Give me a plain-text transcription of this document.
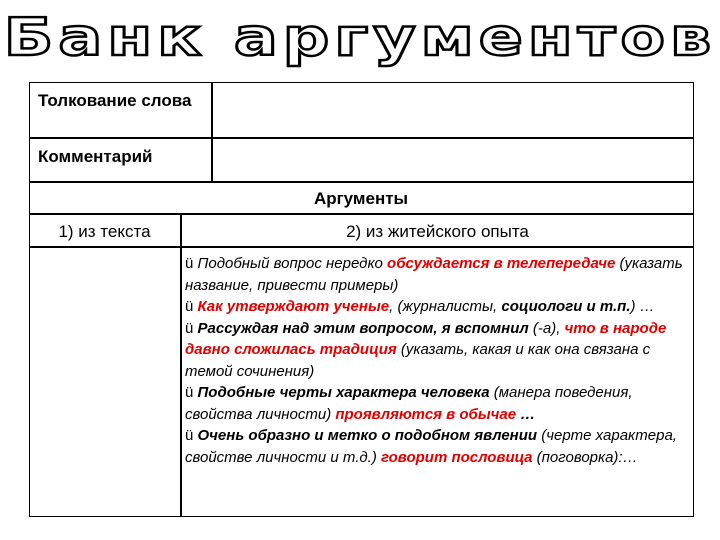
Банк аргументов
Толкование слова
Комментарий
Аргументы
1) из текста	2) из житейского опыта

ü Подобный вопрос нередко обсуждается в телепередаче (указать название, привести примеры)

ü Как утверждают ученые, (журналисты, социологи и т.п.) …

ü Рассуждая над этим вопросом, я вспомнил (-а), что в народе давно сложилась традиция (указать, какая и как она связана с темой сочинения)

ü Подобные черты характера человека (манера поведения, свойства личности) проявляются в обычае …

ü Очень образно и метко о подобном явлении (черте характера, свойстве личности и т.д.) говорит пословица (поговорка):…
